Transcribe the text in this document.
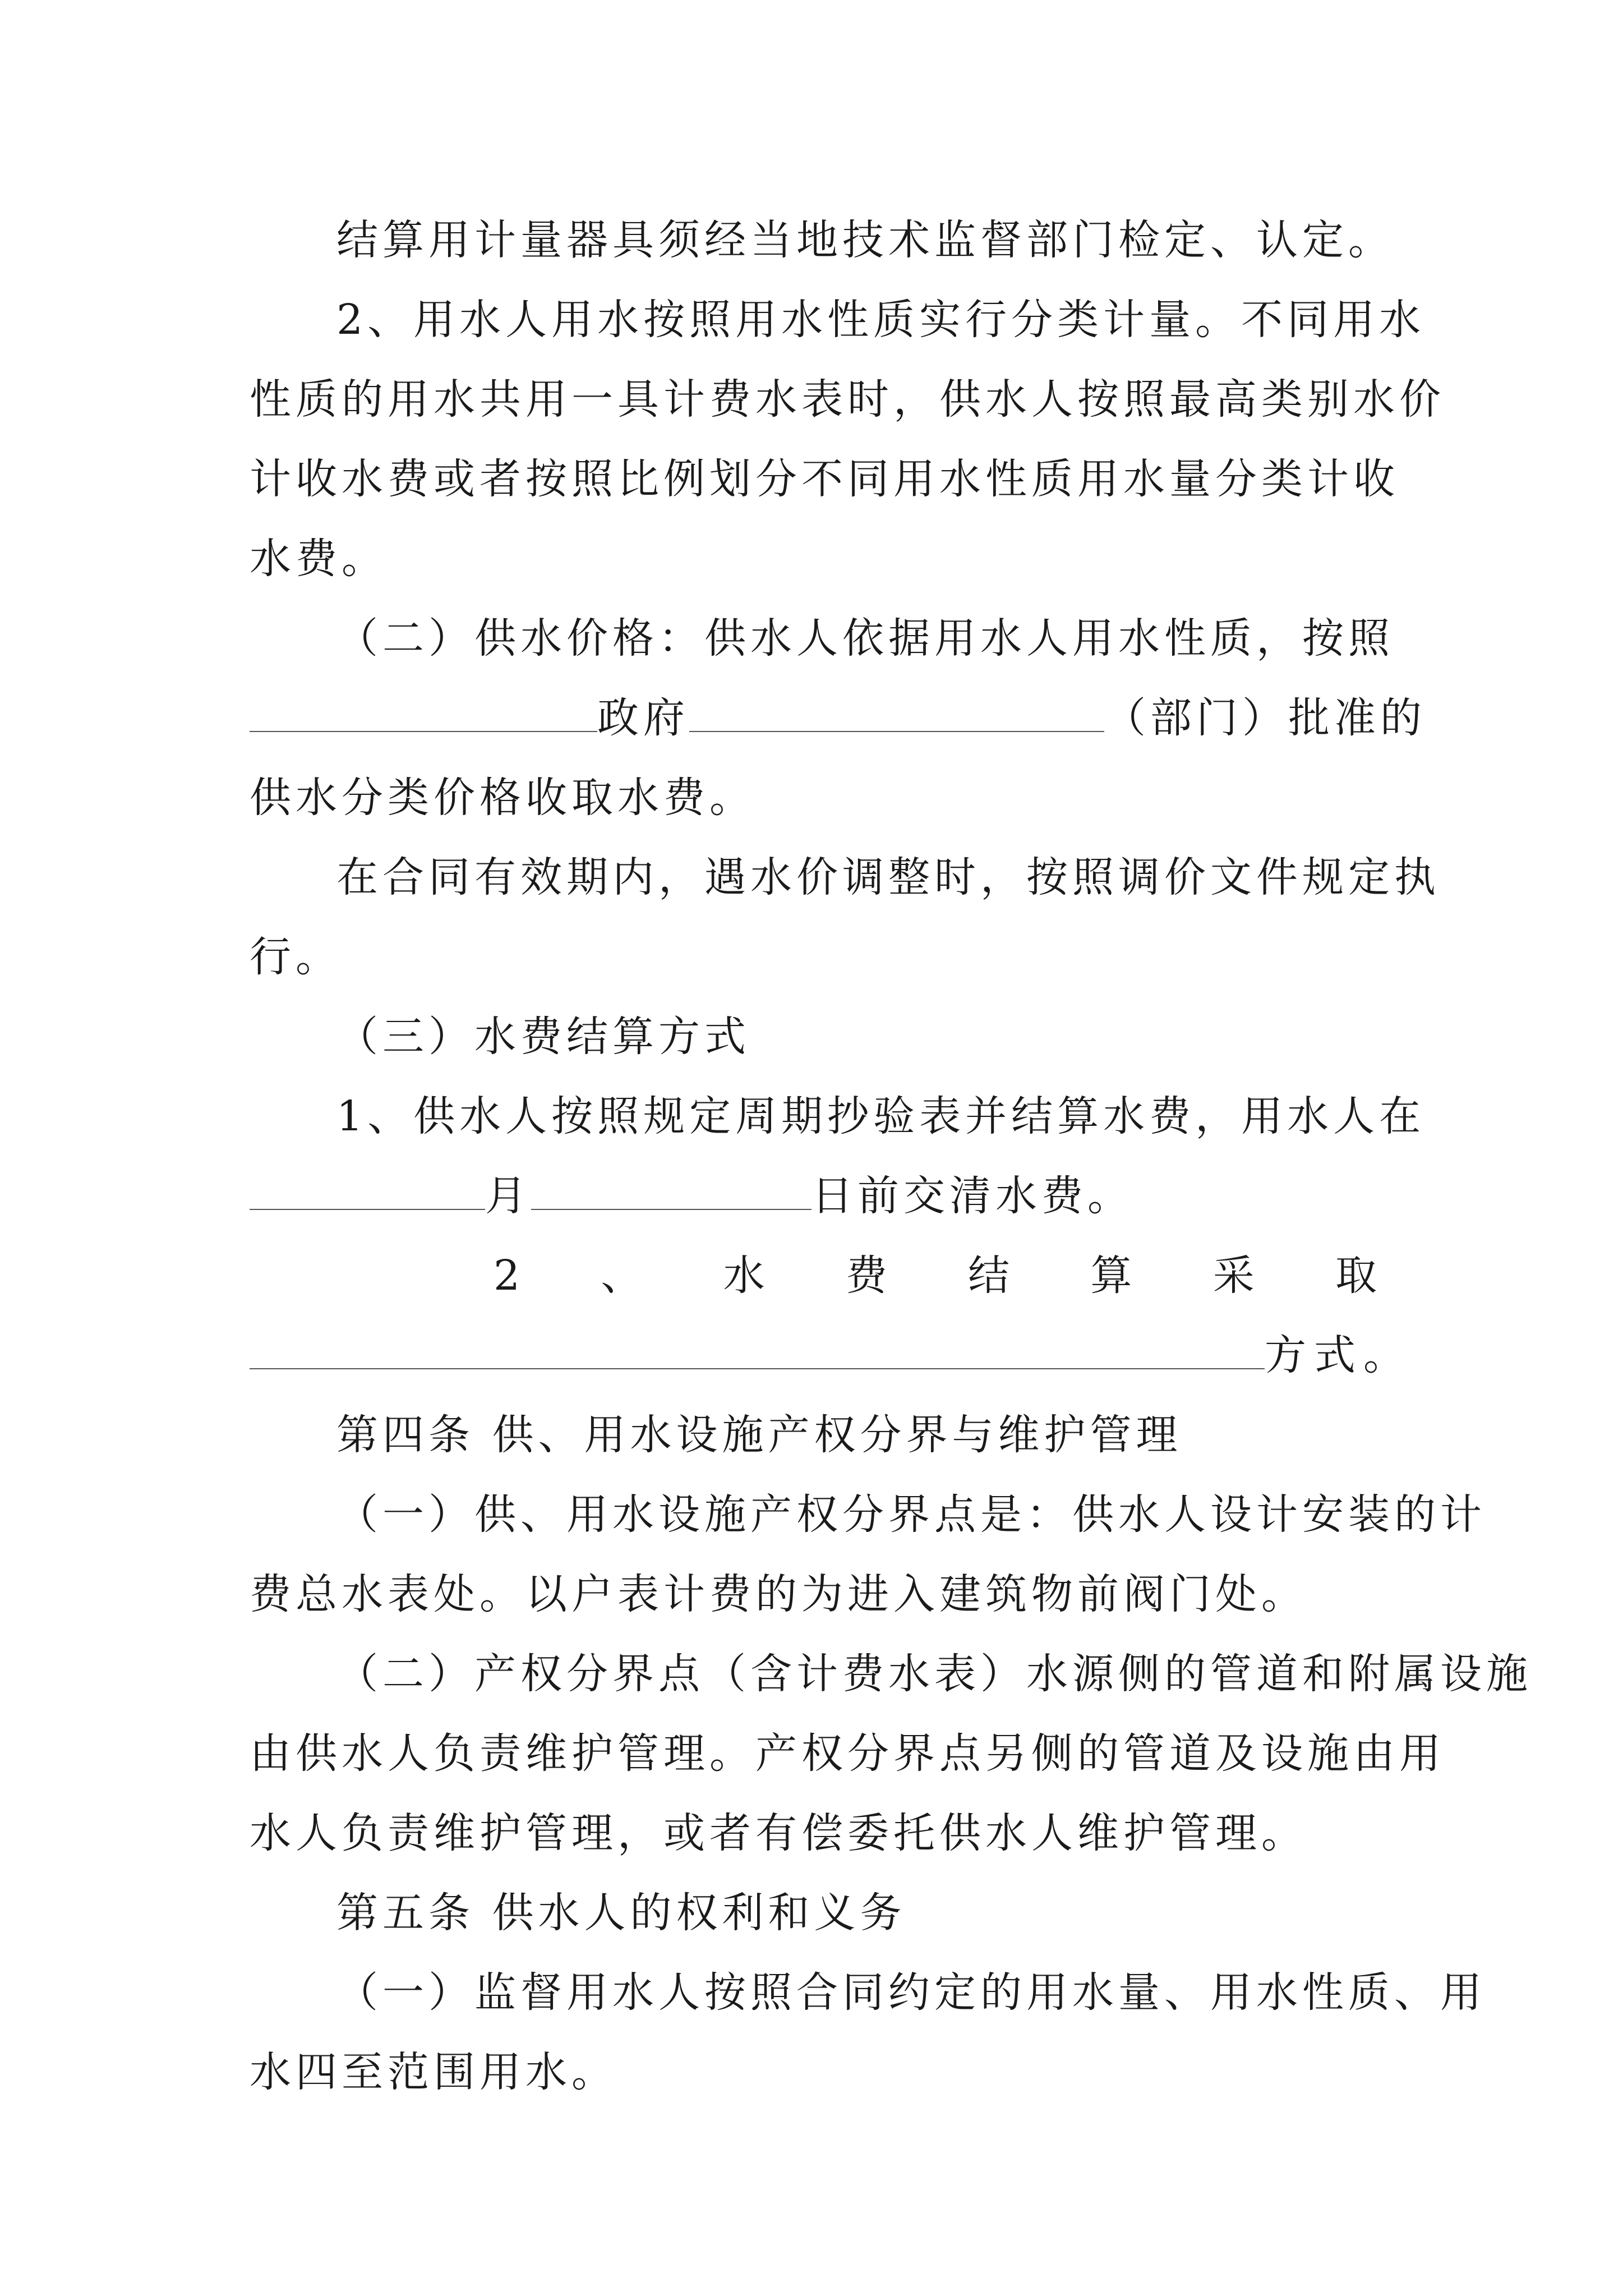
结算用计量器具须经当地技术监督部门检定、认定。
2、用水人用水按照用水性质实行分类计量。不同用水
性质的用水共用一具计费水表时，供水人按照最高类别水价
计收水费或者按照比例划分不同用水性质用水量分类计收
水费。
（二）供水价格：供水人依据用水人用水性质，按照
政府	（部门）批准的
供水分类价格收取水费。
在合同有效期内，遇水价调整时，按照调价文件规定执
行。
（三）水费结算方式
1、供水人按照规定周期抄验表并结算水费，用水人在
月	日前交清水费。
2 、 水 费 结 算 采 取
方式。
第四条 供、用水设施产权分界与维护管理
（一）供、用水设施产权分界点是：供水人设计安装的计
费总水表处。以户表计费的为进入建筑物前阀门处。
（二）产权分界点（含计费水表）水源侧的管道和附属设施
由供水人负责维护管理。产权分界点另侧的管道及设施由用
水人负责维护管理，或者有偿委托供水人维护管理。
第五条 供水人的权利和义务
（一）监督用水人按照合同约定的用水量、用水性质、用
水四至范围用水。
